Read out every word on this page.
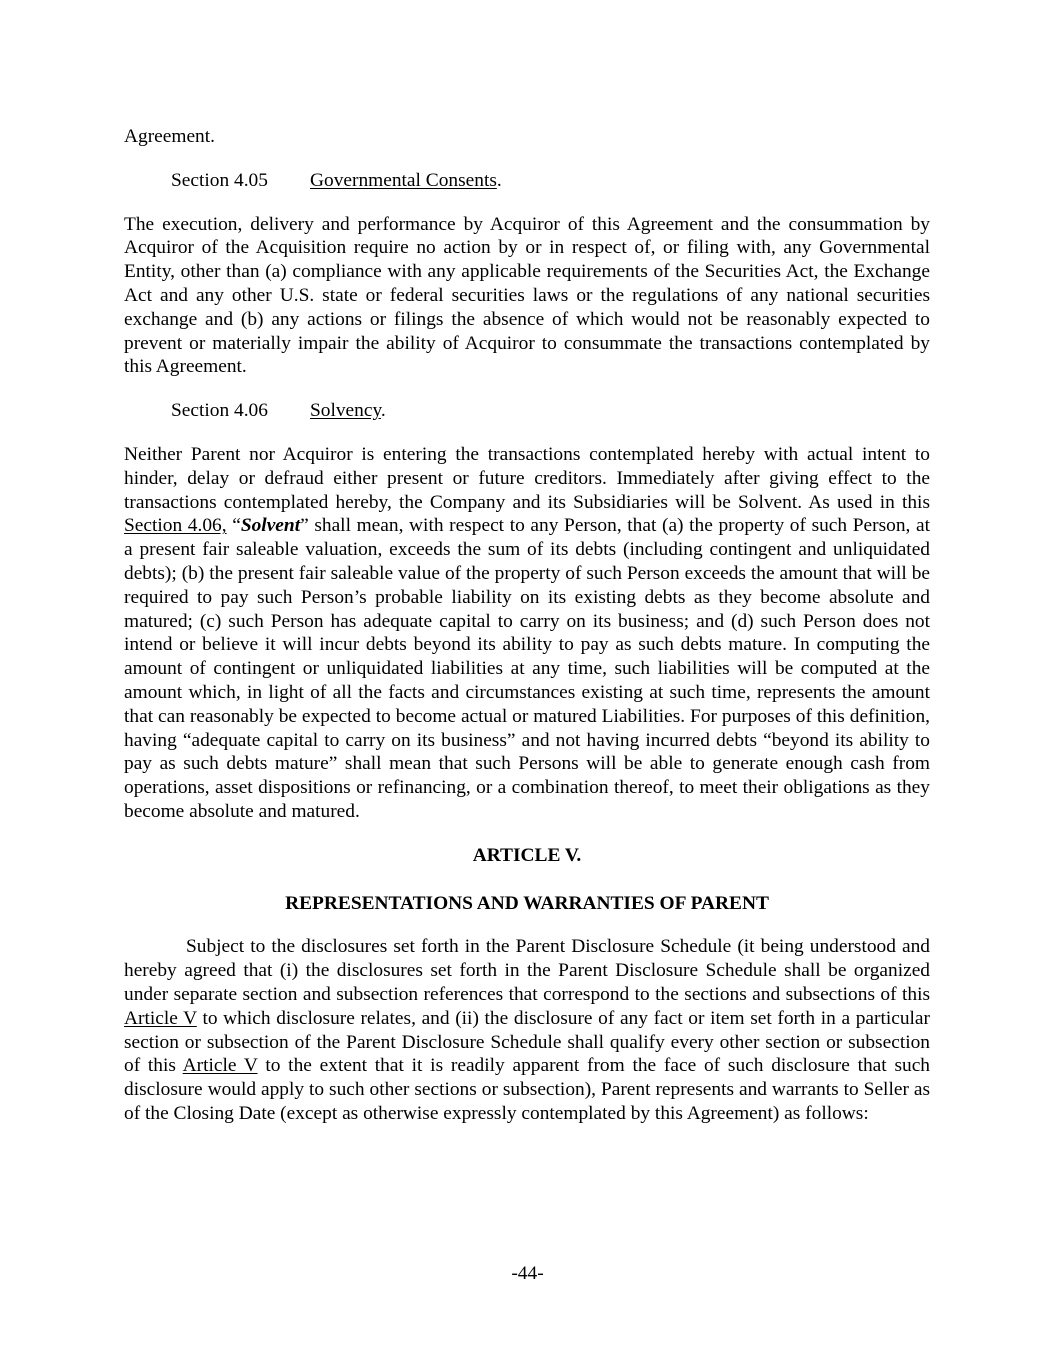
Agreement.

Section 4.05 Governmental Consents.

The execution, delivery and performance by Acquiror of this Agreement and the consummation by Acquiror of the Acquisition require no action by or in respect of, or filing with, any Governmental Entity, other than (a) compliance with any applicable requirements of the Securities Act, the Exchange Act and any other U.S. state or federal securities laws or the regulations of any national securities exchange and (b) any actions or filings the absence of which would not be reasonably expected to prevent or materially impair the ability of Acquiror to consummate the transactions contemplated by this Agreement.

Section 4.06 Solvency.

Neither Parent nor Acquiror is entering the transactions contemplated hereby with actual intent to hinder, delay or defraud either present or future creditors. Immediately after giving effect to the transactions contemplated hereby, the Company and its Subsidiaries will be Solvent. As used in this Section 4.06, “Solvent” shall mean, with respect to any Person, that (a) the property of such Person, at a present fair saleable valuation, exceeds the sum of its debts (including contingent and unliquidated debts); (b) the present fair saleable value of the property of such Person exceeds the amount that will be required to pay such Person’s probable liability on its existing debts as they become absolute and matured; (c) such Person has adequate capital to carry on its business; and (d) such Person does not intend or believe it will incur debts beyond its ability to pay as such debts mature. In computing the amount of contingent or unliquidated liabilities at any time, such liabilities will be computed at the amount which, in light of all the facts and circumstances existing at such time, represents the amount that can reasonably be expected to become actual or matured Liabilities. For purposes of this definition, having “adequate capital to carry on its business” and not having incurred debts “beyond its ability to pay as such debts mature” shall mean that such Persons will be able to generate enough cash from operations, asset dispositions or refinancing, or a combination thereof, to meet their obligations as they become absolute and matured.

ARTICLE V.

REPRESENTATIONS AND WARRANTIES OF PARENT

Subject to the disclosures set forth in the Parent Disclosure Schedule (it being understood and hereby agreed that (i) the disclosures set forth in the Parent Disclosure Schedule shall be organized under separate section and subsection references that correspond to the sections and subsections of this Article V to which disclosure relates, and (ii) the disclosure of any fact or item set forth in a particular section or subsection of the Parent Disclosure Schedule shall qualify every other section or subsection of this Article V to the extent that it is readily apparent from the face of such disclosure that such disclosure would apply to such other sections or subsection), Parent represents and warrants to Seller as of the Closing Date (except as otherwise expressly contemplated by this Agreement) as follows:

-44-
